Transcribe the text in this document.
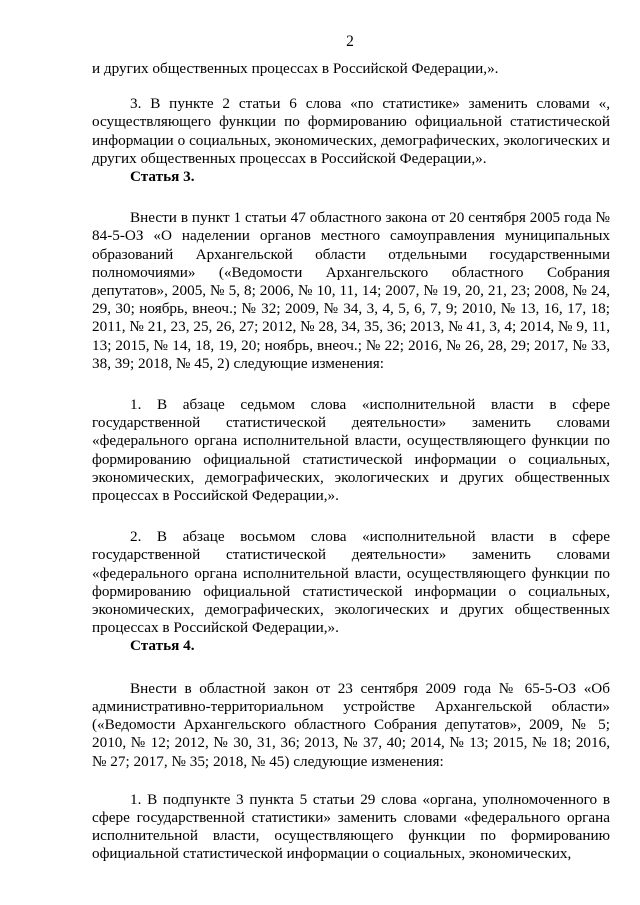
2

и других общественных процессах в Российской Федерации,».

3. В пункте 2 статьи 6 слова «по статистике» заменить словами «, осуществляющего функции по формированию официальной статистической информации о социальных, экономических, демографических, экологических и других общественных процессах в Российской Федерации,».

Статья 3.

Внести в пункт 1 статьи 47 областного закона от 20 сентября 2005 года № 84-5-ОЗ «О наделении органов местного самоуправления муниципальных образований Архангельской области отдельными государственными полномочиями» («Ведомости Архангельского областного Собрания депутатов», 2005, № 5, 8; 2006, № 10, 11, 14; 2007, № 19, 20, 21, 23; 2008, № 24, 29, 30; ноябрь, внеоч.; № 32; 2009, № 34, 3, 4, 5, 6, 7, 9; 2010, № 13, 16, 17, 18; 2011, № 21, 23, 25, 26, 27; 2012, № 28, 34, 35, 36; 2013, № 41, 3, 4; 2014, № 9, 11, 13; 2015, № 14, 18, 19, 20; ноябрь, внеоч.; № 22; 2016, № 26, 28, 29; 2017, № 33, 38, 39; 2018, № 45, 2) следующие изменения:

1. В абзаце седьмом слова «исполнительной власти в сфере государственной статистической деятельности» заменить словами «федерального органа исполнительной власти, осуществляющего функции по формированию официальной статистической информации о социальных, экономических, демографических, экологических и других общественных процессах в Российской Федерации,».

2. В абзаце восьмом слова «исполнительной власти в сфере государственной статистической деятельности» заменить словами «федерального органа исполнительной власти, осуществляющего функции по формированию официальной статистической информации о социальных, экономических, демографических, экологических и других общественных процессах в Российской Федерации,».

Статья 4.

Внести в областной закон от 23 сентября 2009 года № 65-5-ОЗ «Об административно-территориальном устройстве Архангельской области» («Ведомости Архангельского областного Собрания депутатов», 2009, № 5; 2010, № 12; 2012, № 30, 31, 36; 2013, № 37, 40; 2014, № 13; 2015, № 18; 2016, № 27; 2017, № 35; 2018, № 45) следующие изменения:

1. В подпункте 3 пункта 5 статьи 29 слова «органа, уполномоченного в сфере государственной статистики» заменить словами «федерального органа исполнительной власти, осуществляющего функции по формированию официальной статистической информации о социальных, экономических,
